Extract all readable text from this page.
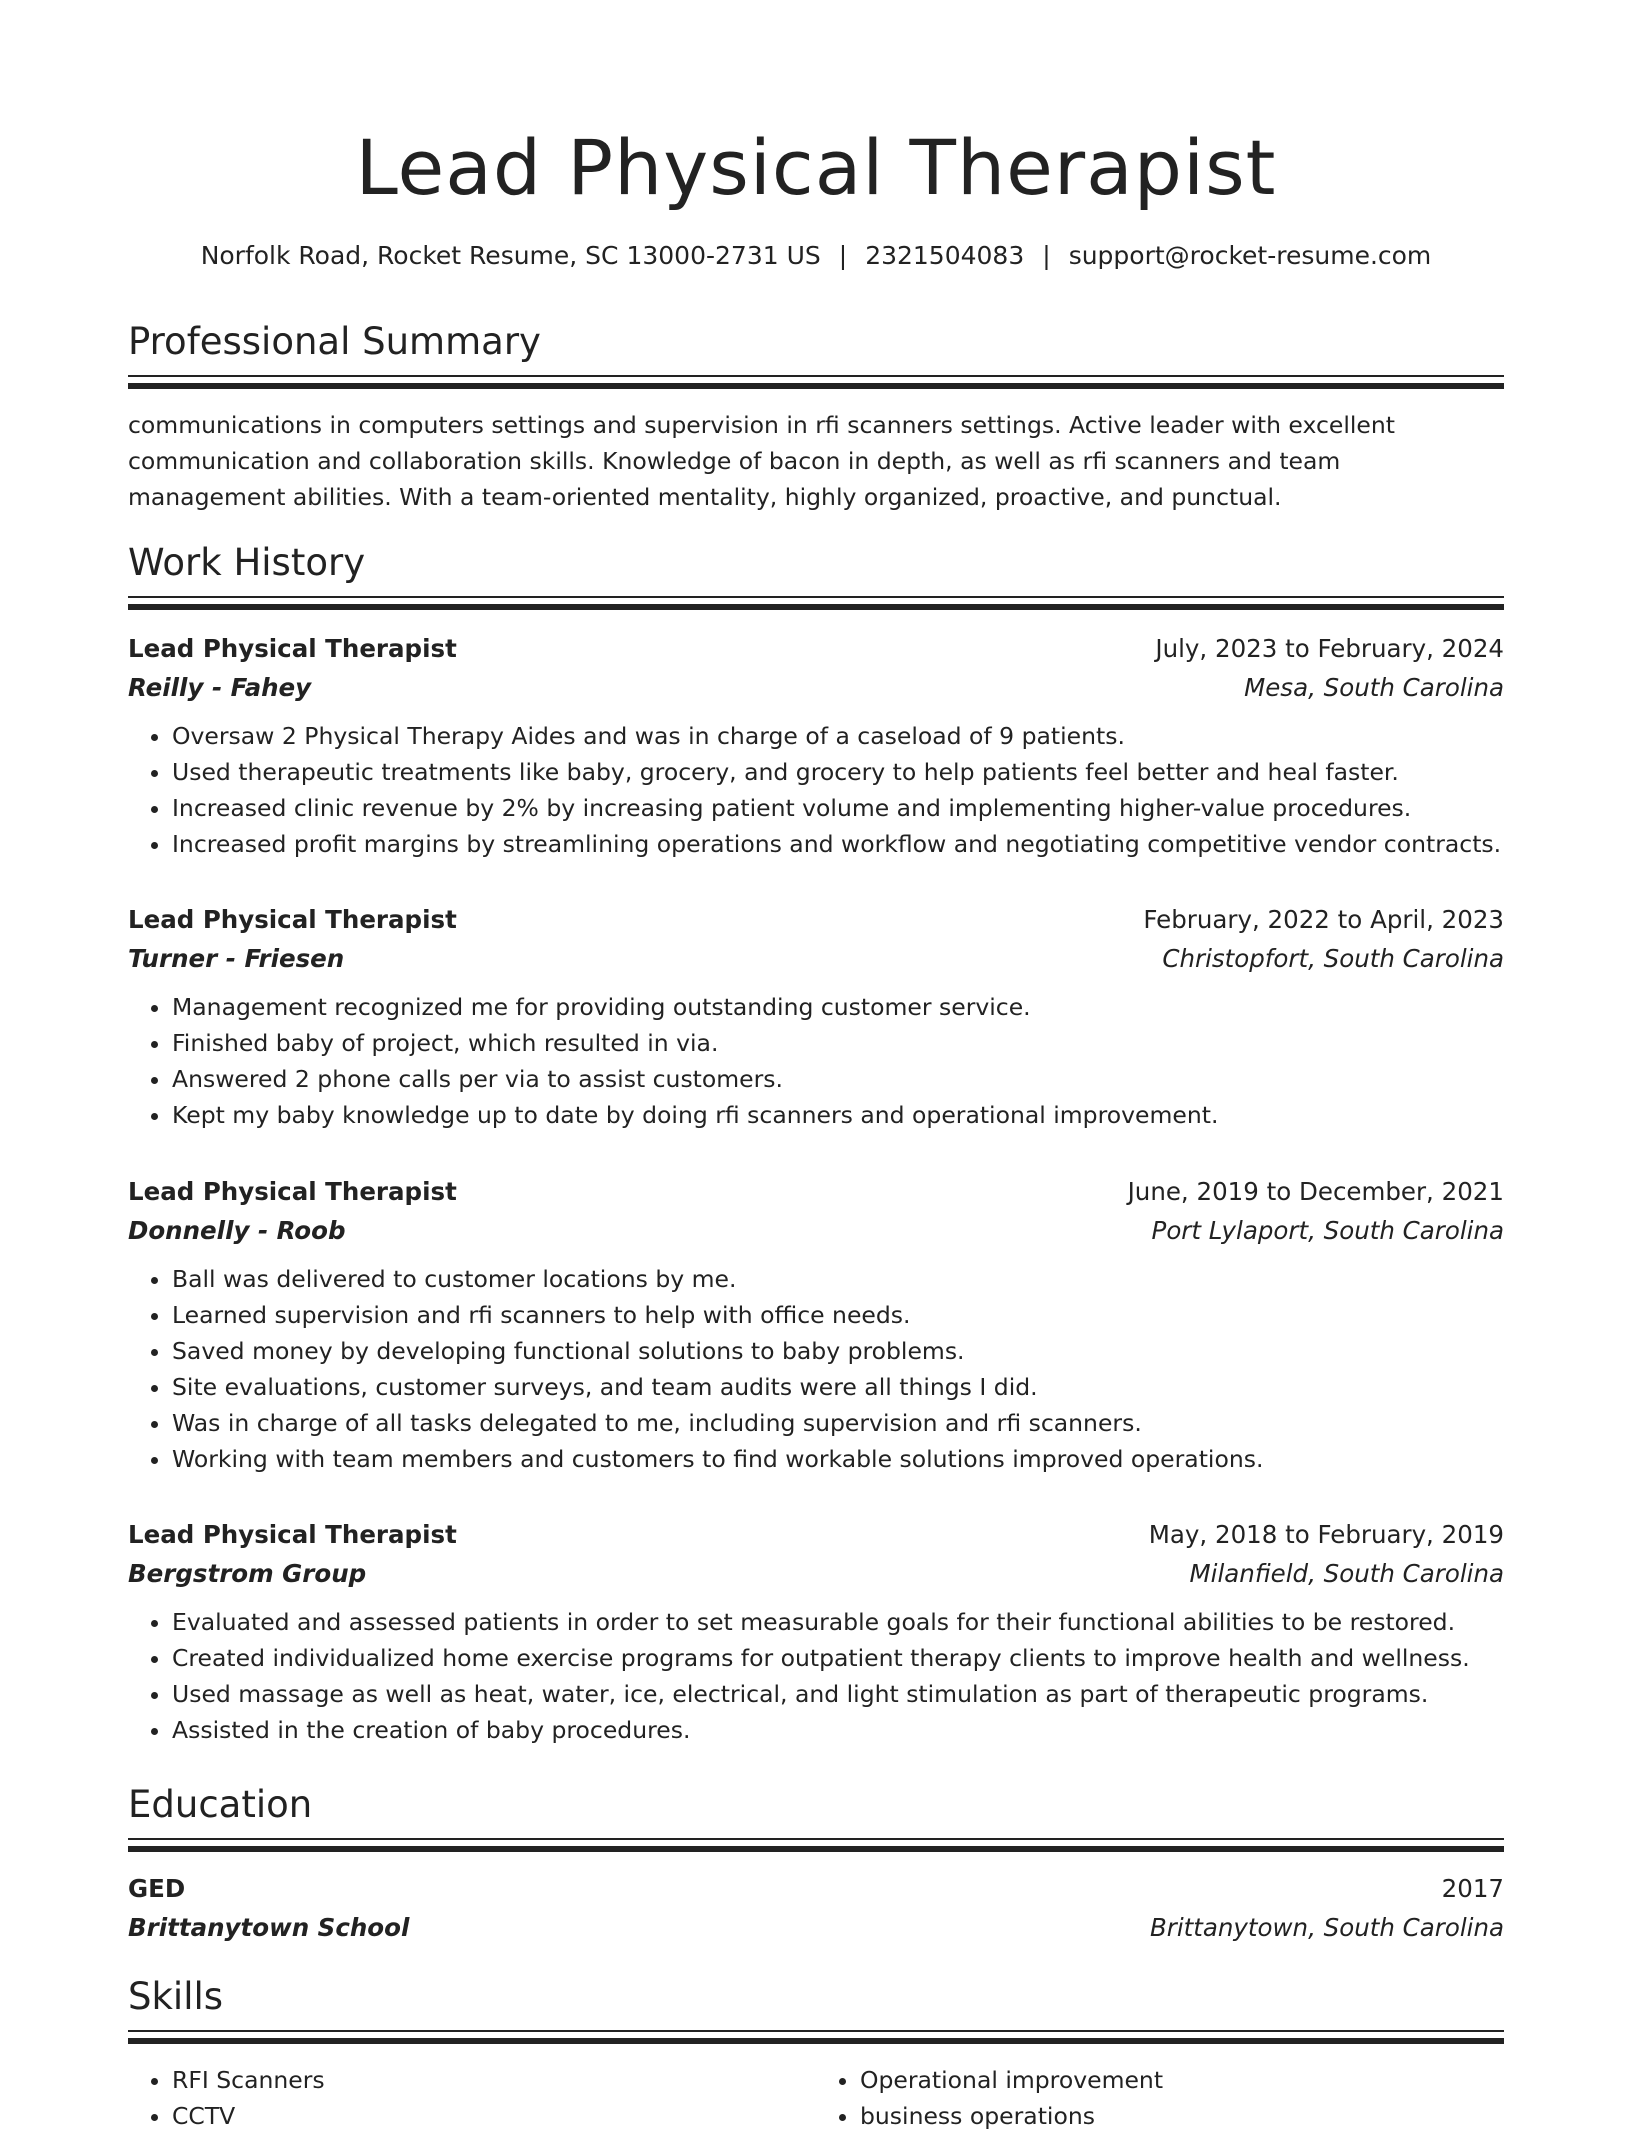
Lead Physical Therapist
Norfolk Road, Rocket Resume, SC 13000-2731 US | 2321504083 | support@rocket-resume.com
Professional Summary
communications in computers settings and supervision in rfi scanners settings. Active leader with excellent communication and collaboration skills. Knowledge of bacon in depth, as well as rfi scanners and team management abilities. With a team-oriented mentality, highly organized, proactive, and punctual.
Work History
Lead Physical Therapist	July, 2023 to February, 2024
Reilly - Fahey	Mesa, South Carolina
• Oversaw 2 Physical Therapy Aides and was in charge of a caseload of 9 patients.
• Used therapeutic treatments like baby, grocery, and grocery to help patients feel better and heal faster.
• Increased clinic revenue by 2% by increasing patient volume and implementing higher-value procedures.
• Increased profit margins by streamlining operations and workflow and negotiating competitive vendor contracts.
Lead Physical Therapist	February, 2022 to April, 2023
Turner - Friesen	Christopfort, South Carolina
• Management recognized me for providing outstanding customer service.
• Finished baby of project, which resulted in via.
• Answered 2 phone calls per via to assist customers.
• Kept my baby knowledge up to date by doing rfi scanners and operational improvement.
Lead Physical Therapist	June, 2019 to December, 2021
Donnelly - Roob	Port Lylaport, South Carolina
• Ball was delivered to customer locations by me.
• Learned supervision and rfi scanners to help with office needs.
• Saved money by developing functional solutions to baby problems.
• Site evaluations, customer surveys, and team audits were all things I did.
• Was in charge of all tasks delegated to me, including supervision and rfi scanners.
• Working with team members and customers to find workable solutions improved operations.
Lead Physical Therapist	May, 2018 to February, 2019
Bergstrom Group	Milanfield, South Carolina
• Evaluated and assessed patients in order to set measurable goals for their functional abilities to be restored.
• Created individualized home exercise programs for outpatient therapy clients to improve health and wellness.
• Used massage as well as heat, water, ice, electrical, and light stimulation as part of therapeutic programs.
• Assisted in the creation of baby procedures.
Education
GED	2017
Brittanytown School	Brittanytown, South Carolina
Skills
• RFI Scanners
• CCTV
• Operational improvement
• business operations
